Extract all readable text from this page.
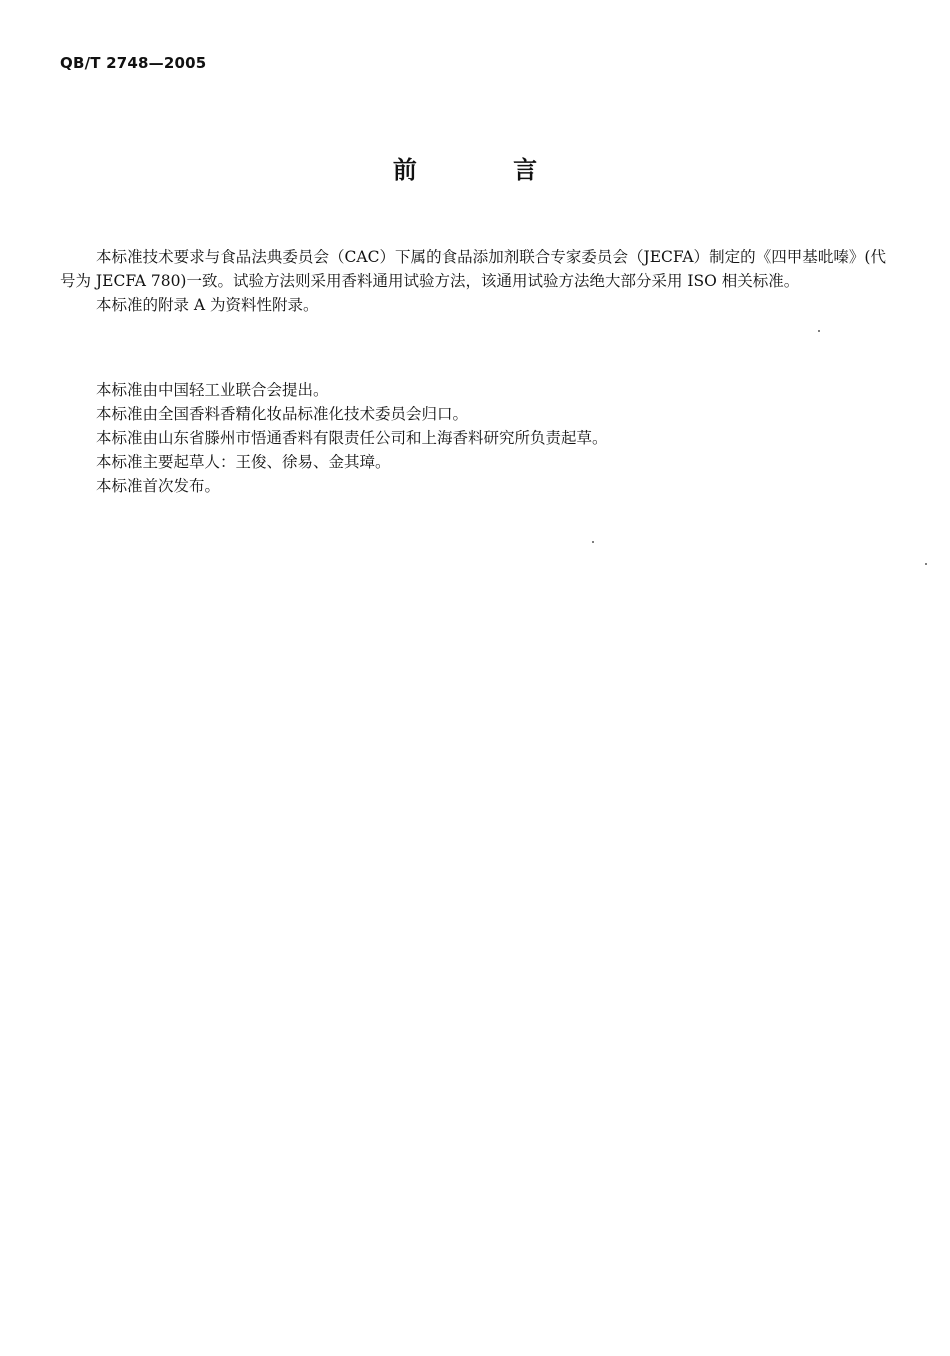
QB/T 2748—2005
前 言

本标准技术要求与食品法典委员会（CAC）下属的食品添加剂联合专家委员会（JECFA）制定的《四甲基吡嗪》(代号为 JECFA 780)一致。试验方法则采用香料通用试验方法，该通用试验方法绝大部分采用 ISO 相关标准。

本标准的附录 A 为资料性附录。

本标准由中国轻工业联合会提出。

本标准由全国香料香精化妆品标准化技术委员会归口。

本标准由山东省滕州市悟通香料有限责任公司和上海香料研究所负责起草。

本标准主要起草人：王俊、徐易、金其璋。

本标准首次发布。
